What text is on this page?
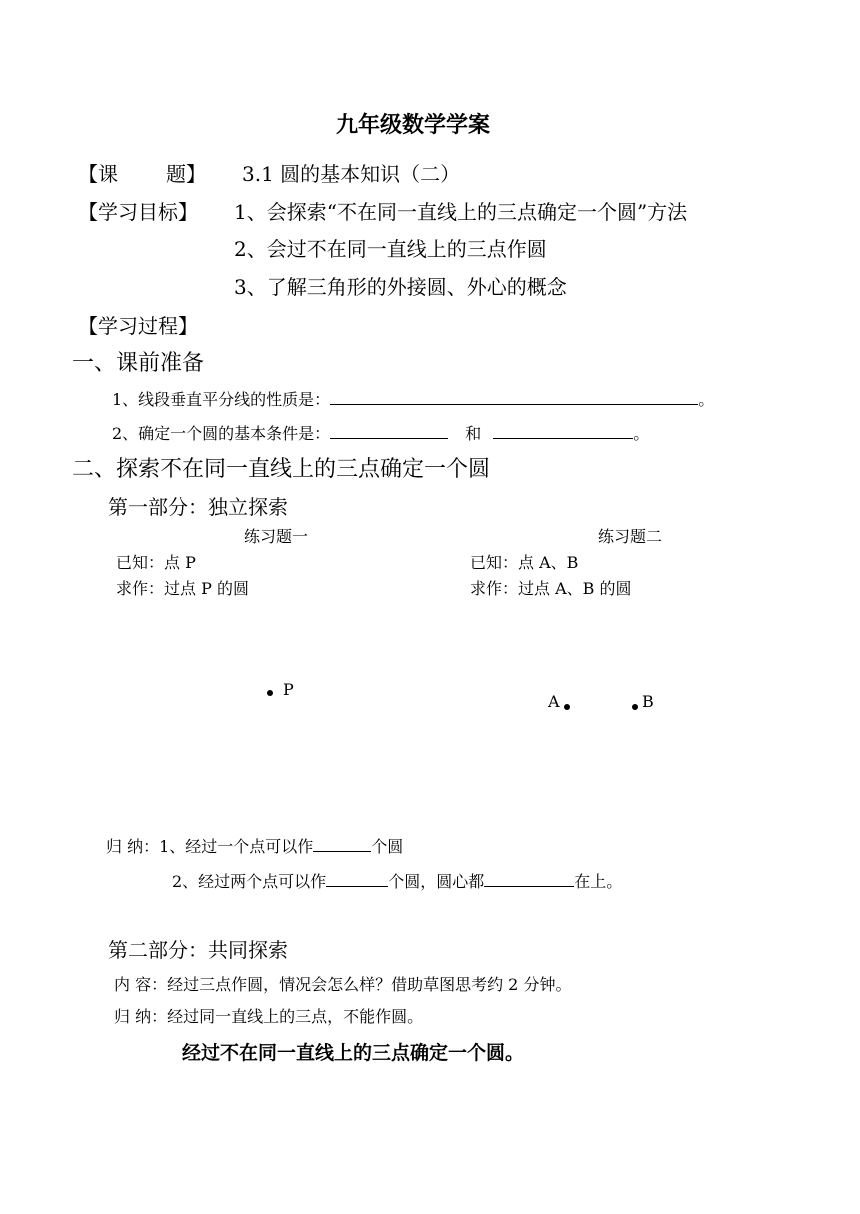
九年级数学学案
【课 题】 3.1 圆的基本知识（二）
【学习目标】 1、会探索“不在同一直线上的三点确定一个圆”方法
2、会过不在同一直线上的三点作圆
3、了解三角形的外接圆、外心的概念
【学习过程】
一、课前准备
1、线段垂直平分线的性质是：	。
2、确定一个圆的基本条件是：	和	。
二、探索不在同一直线上的三点确定一个圆
第一部分：独立探索
练习题一	练习题二
已知：点 P
求作：过点 P 的圆
已知：点 A、B
求作：过点 A、B 的圆
P
A	B
归 纳：1、经过一个点可以作	个圆
2、经过两个点可以作	个圆，圆心都	在上。
第二部分：共同探索
内 容：经过三点作圆，情况会怎么样？借助草图思考约 2 分钟。
归 纳：经过同一直线上的三点，不能作圆。
经过不在同一直线上的三点确定一个圆。
